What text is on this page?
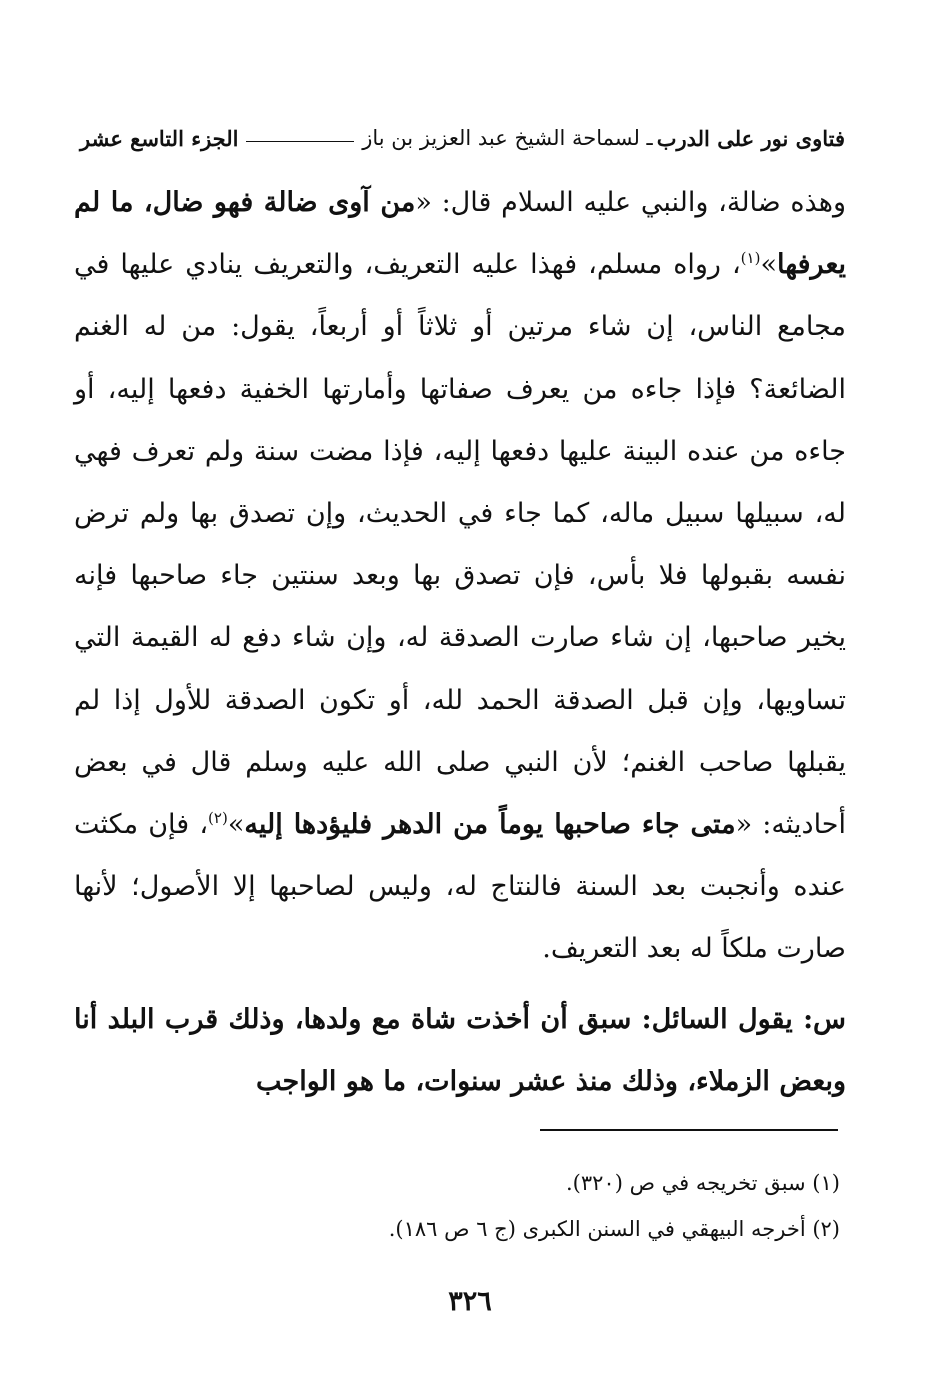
فتاوى نور على الدرب
ـ لسماحة الشيخ عبد العزيز بن باز
الجزء التاسع عشر

وهذه ضالة، والنبي عليه السلام قال: «من آوى ضالة فهو ضال، ما لم يعرفها»$^{(١)}$، رواه مسلم، فهذا عليه التعريف، والتعريف ينادي عليها في مجامع الناس، إن شاء مرتين أو ثلاثاً أو أربعاً، يقول: من له الغنم الضائعة؟ فإذا جاءه من يعرف صفاتها وأمارتها الخفية دفعها إليه، أو جاءه من عنده البينة عليها دفعها إليه، فإذا مضت سنة ولم تعرف فهي له، سبيلها سبيل ماله، كما جاء في الحديث، وإن تصدق بها ولم ترض نفسه بقبولها فلا بأس، فإن تصدق بها وبعد سنتين جاء صاحبها فإنه يخير صاحبها، إن شاء صارت الصدقة له، وإن شاء دفع له القيمة التي تساويها، وإن قبل الصدقة الحمد لله، أو تكون الصدقة للأول إذا لم يقبلها صاحب الغنم؛ لأن النبي صلى الله عليه وسلم قال في بعض أحاديثه: «متى جاء صاحبها يوماً من الدهر فليؤدها إليه»$^{(٢)}$، فإن مكثت عنده وأنجبت بعد السنة فالنتاج له، وليس لصاحبها إلا الأصول؛ لأنها صارت ملكاً له بعد التعريف.

س: يقول السائل: سبق أن أخذت شاة مع ولدها، وذلك قرب البلد أنا وبعض الزملاء، وذلك منذ عشر سنوات، ما هو الواجب

(١) سبق تخريجه في ص (٣٢٠).
(٢) أخرجه البيهقي في السنن الكبرى (ج ٦ ص ١٨٦).
٣٢٦
